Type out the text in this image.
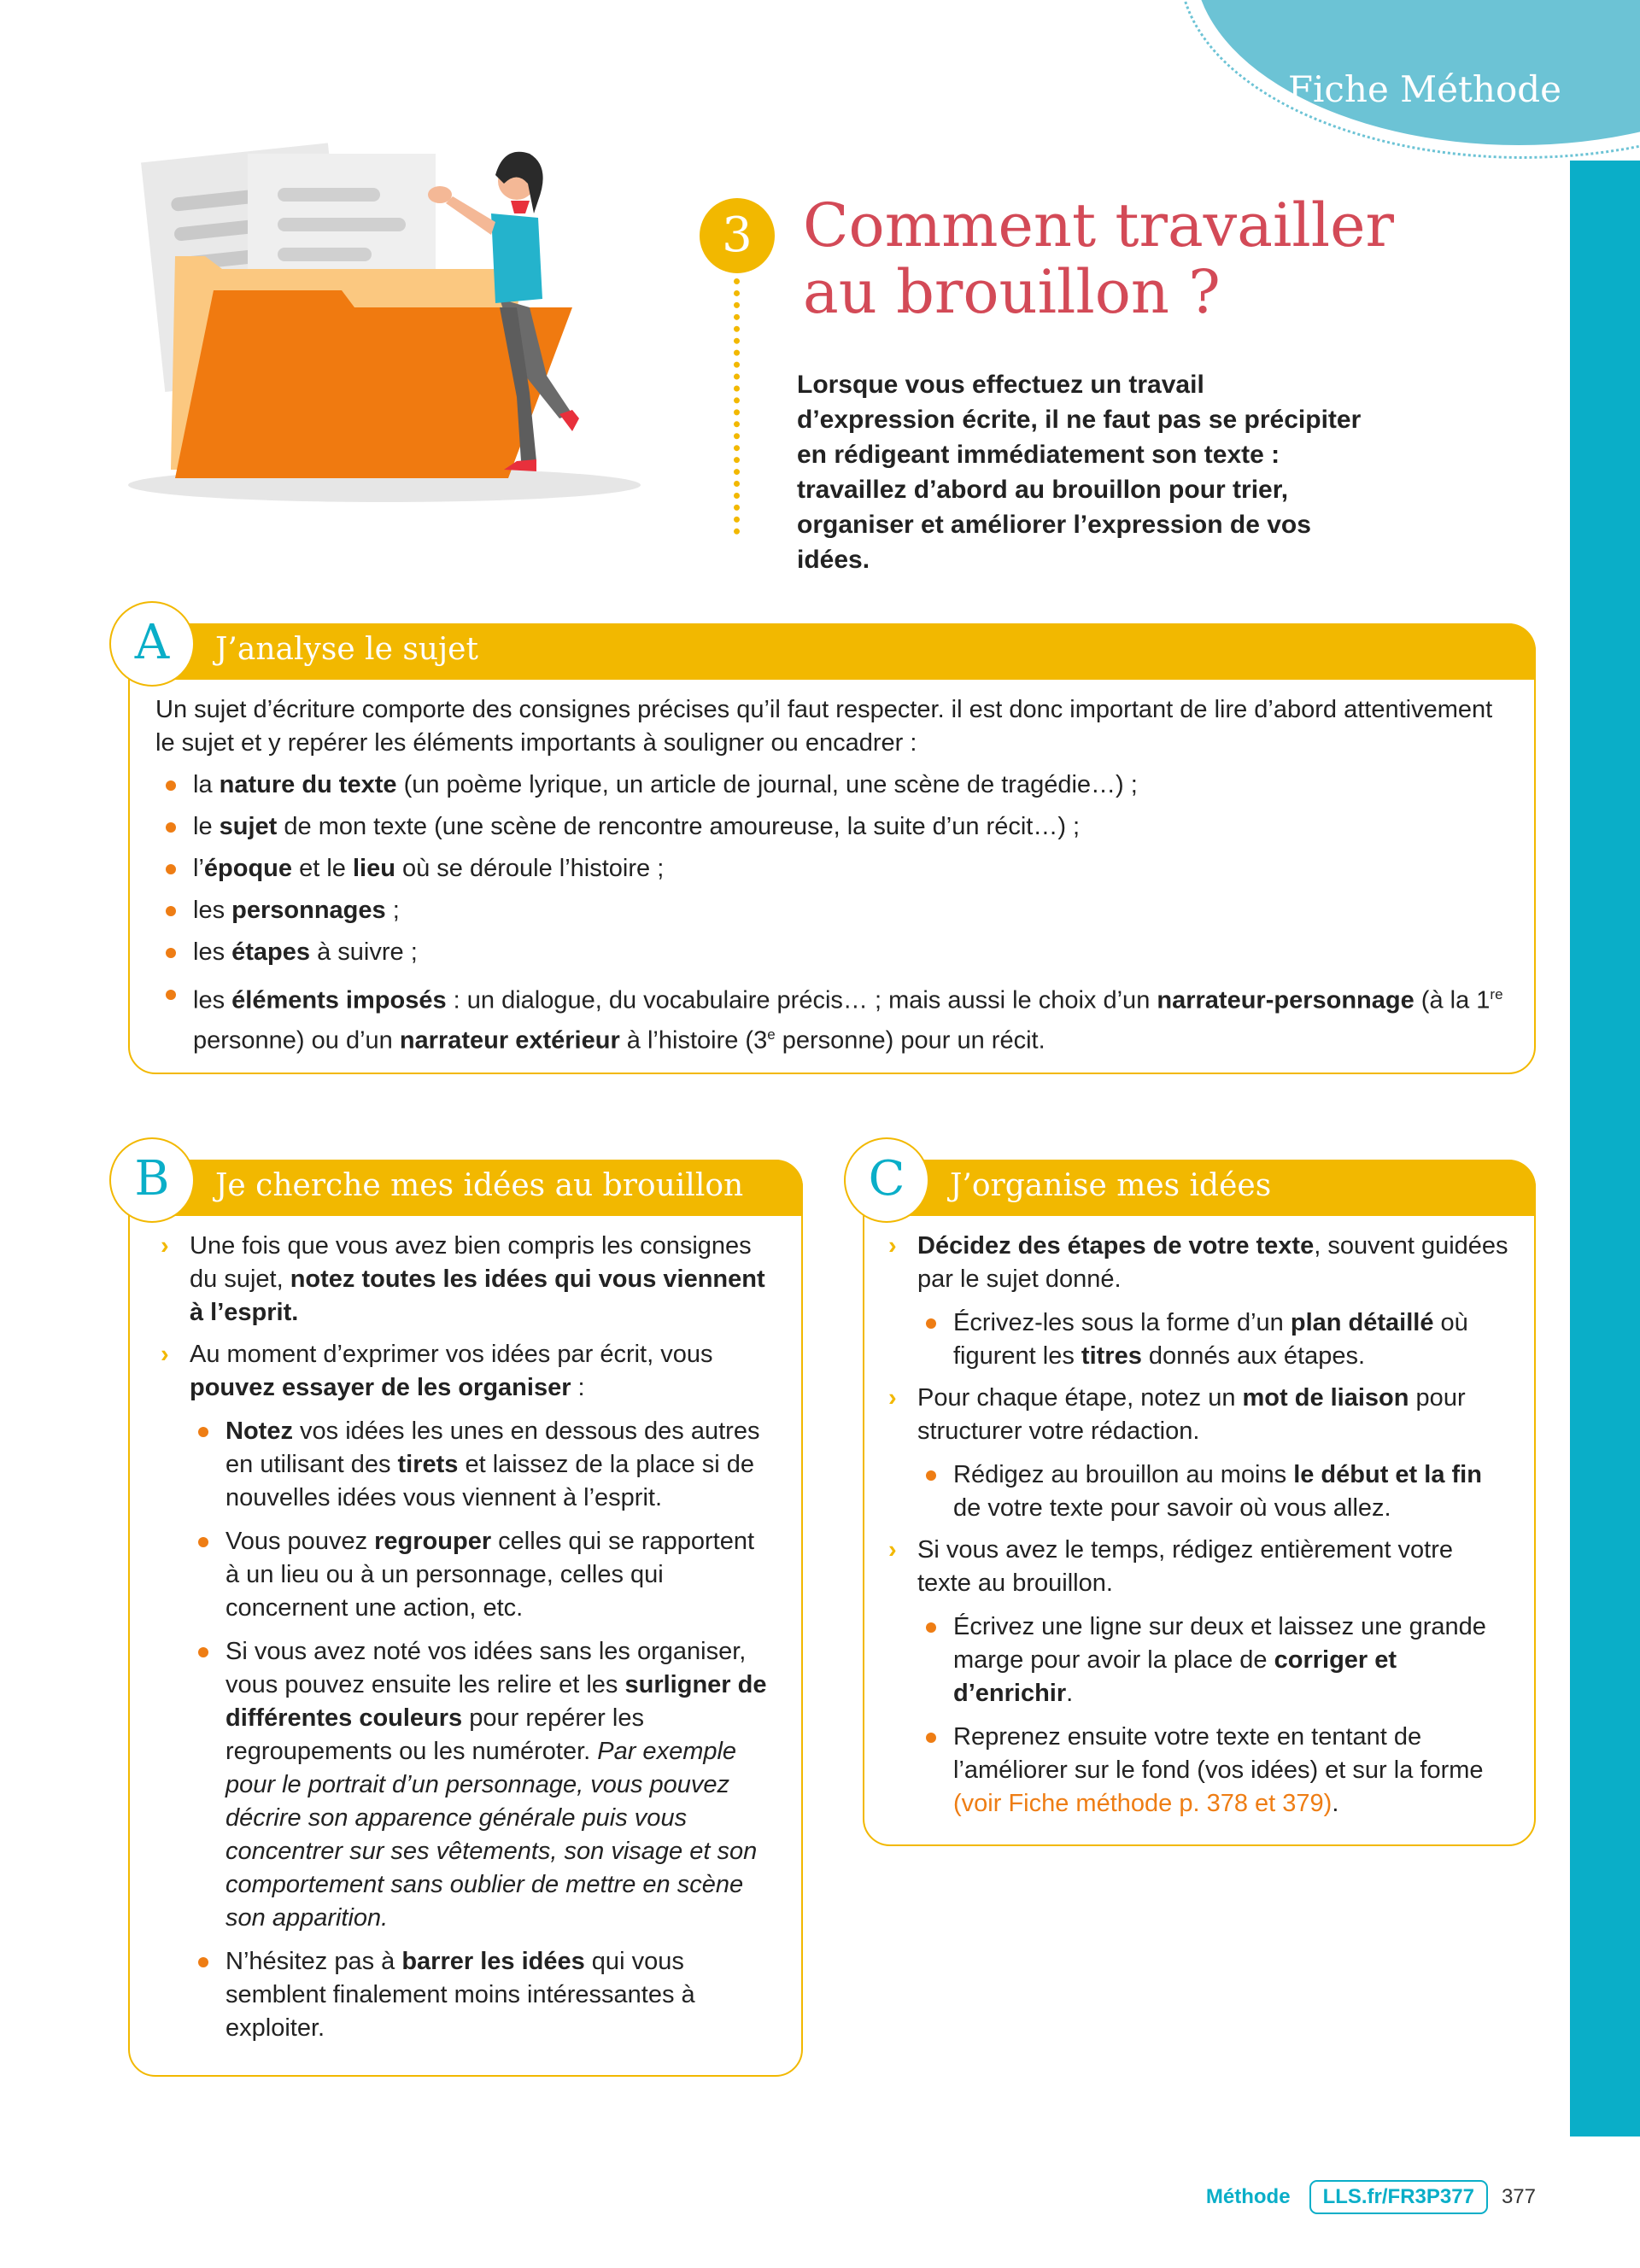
Fiche Méthode
3 Comment travailler
au brouillon ?
Lorsque vous effectuez un travail d’expression écrite, il ne faut pas se précipiter en rédigeant immédiatement son texte : travaillez d’abord au brouillon pour trier, organiser et améliorer l’expression de vos idées.
J’analyse le sujet
Un sujet d’écriture comporte des consignes précises qu’il faut respecter. il est donc important de lire d’abord attentivement le sujet et y repérer les éléments importants à souligner ou encadrer :
la nature du texte (un poème lyrique, un article de journal, une scène de tragédie…) ;
le sujet de mon texte (une scène de rencontre amoureuse, la suite d’un récit…) ;
l’époque et le lieu où se déroule l’histoire ;
les personnages ;
les étapes à suivre ;
les éléments imposés : un dialogue, du vocabulaire précis… ; mais aussi le choix d’un narrateur-personnage (à la 1re personne) ou d’un narrateur extérieur à l’histoire (3e personne) pour un récit.
A
Je cherche mes idées au brouillon
› Une fois que vous avez bien compris les consignes du sujet, notez toutes les idées qui vous viennent à l’esprit.
› Au moment d’exprimer vos idées par écrit, vous pouvez essayer de les organiser :
Notez vos idées les unes en dessous des autres en utilisant des tirets et laissez de la place si de nouvelles idées vous viennent à l’esprit.
Vous pouvez regrouper celles qui se rapportent à un lieu ou à un personnage, celles qui concernent une action, etc.
Si vous avez noté vos idées sans les organiser, vous pouvez ensuite les relire et les surligner de différentes couleurs pour repérer les regroupements ou les numéroter. Par exemple pour le portrait d’un personnage, vous pouvez décrire son apparence générale puis vous concentrer sur ses vêtements, son visage et son comportement sans oublier de mettre en scène son apparition.
N’hésitez pas à barrer les idées qui vous semblent finalement moins intéressantes à exploiter.
B	J’organise mes idées
› Décidez des étapes de votre texte, souvent guidées par le sujet donné.
Écrivez-les sous la forme d’un plan détaillé où figurent les titres donnés aux étapes.
› Pour chaque étape, notez un mot de liaison pour structurer votre rédaction.
Rédigez au brouillon au moins le début et la fin de votre texte pour savoir où vous allez.
› Si vous avez le temps, rédigez entièrement votre texte au brouillon.
Écrivez une ligne sur deux et laissez une grande marge pour avoir la place de corriger et d’enrichir.
Reprenez ensuite votre texte en tentant de l’améliorer sur le fond (vos idées) et sur la forme (voir Fiche méthode p. 378 et 379).
C
Méthode LLS.fr/FR3P377 377
